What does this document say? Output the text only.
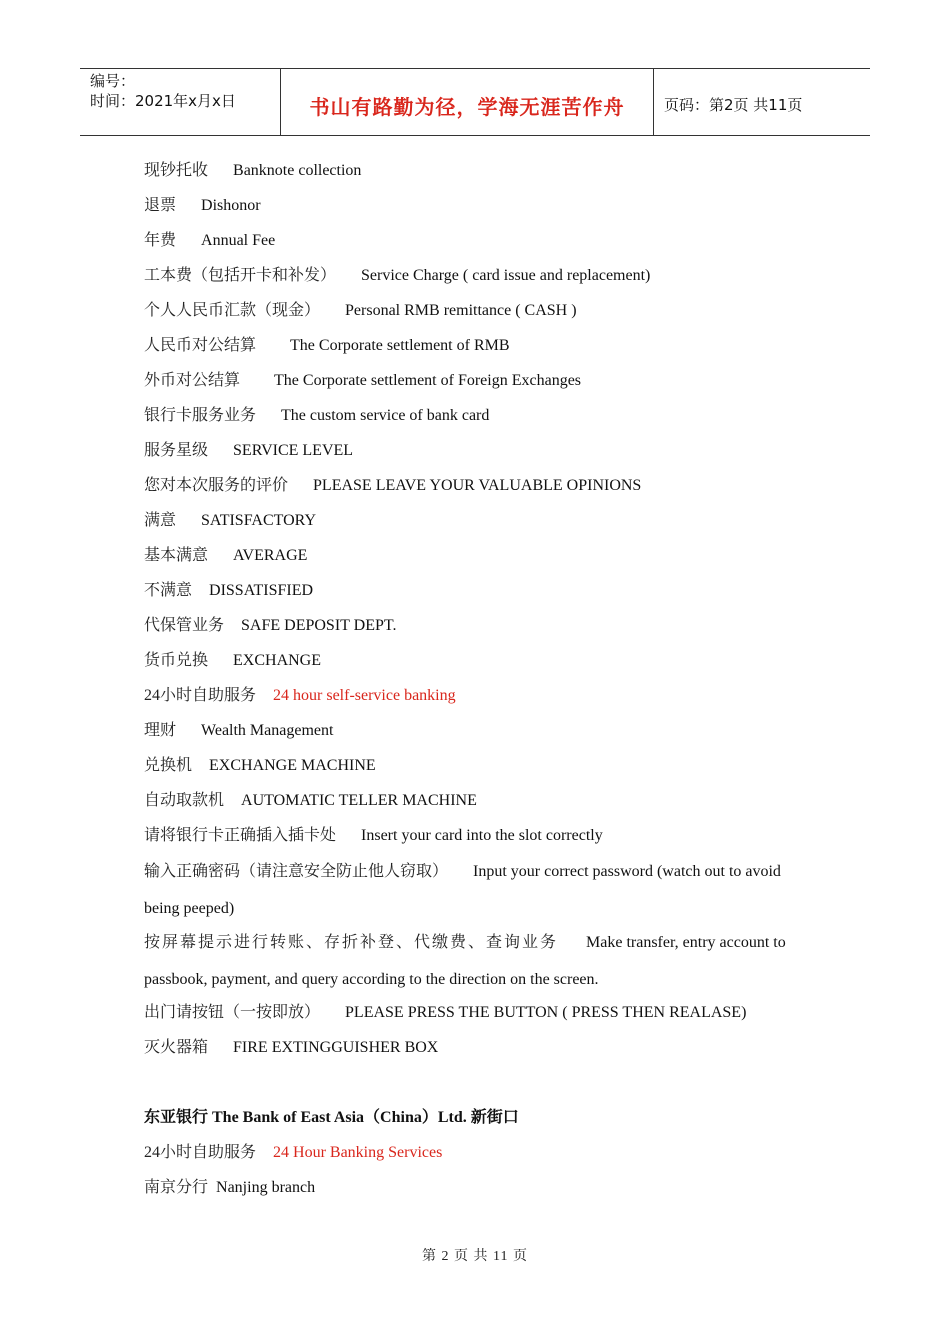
编号：
时间：2021年x月x日	书山有路勤为径，学海无涯苦作舟	页码：第2页 共11页
现钞托收 Banknote collection
退票 Dishonor
年费 Annual Fee
工本费（包括开卡和补发） Service Charge ( card issue and replacement)
个人人民币汇款（现金） Personal RMB remittance ( CASH )
人民币对公结算 The Corporate settlement of RMB
外币对公结算 The Corporate settlement of Foreign Exchanges
银行卡服务业务 The custom service of bank card
服务星级 SERVICE LEVEL
您对本次服务的评价 PLEASE LEAVE YOUR VALUABLE OPINIONS
满意 SATISFACTORY
基本满意 AVERAGE
不满意 DISSATISFIED
代保管业务 SAFE DEPOSIT DEPT.
货币兑换 EXCHANGE
24小时自助服务 24 hour self-service banking
理财 Wealth Management
兑换机 EXCHANGE MACHINE
自动取款机 AUTOMATIC TELLER MACHINE
请将银行卡正确插入插卡处 Insert your card into the slot correctly
输入正确密码（请注意安全防止他人窃取） Input your correct password (watch out to avoid being peeped)
按屏幕提示进行转账、存折补登、代缴费、查询业务 Make transfer, entry account to passbook, payment, and query according to the direction on the screen.
出门请按钮（一按即放） PLEASE PRESS THE BUTTON ( PRESS THEN REALASE)
灭火器箱 FIRE EXTINGGUISHER BOX
东亚银行 The Bank of East Asia（China）Ltd. 新街口
24小时自助服务 24 Hour Banking Services
南京分行 Nanjing branch
第 2 页 共 11 页
